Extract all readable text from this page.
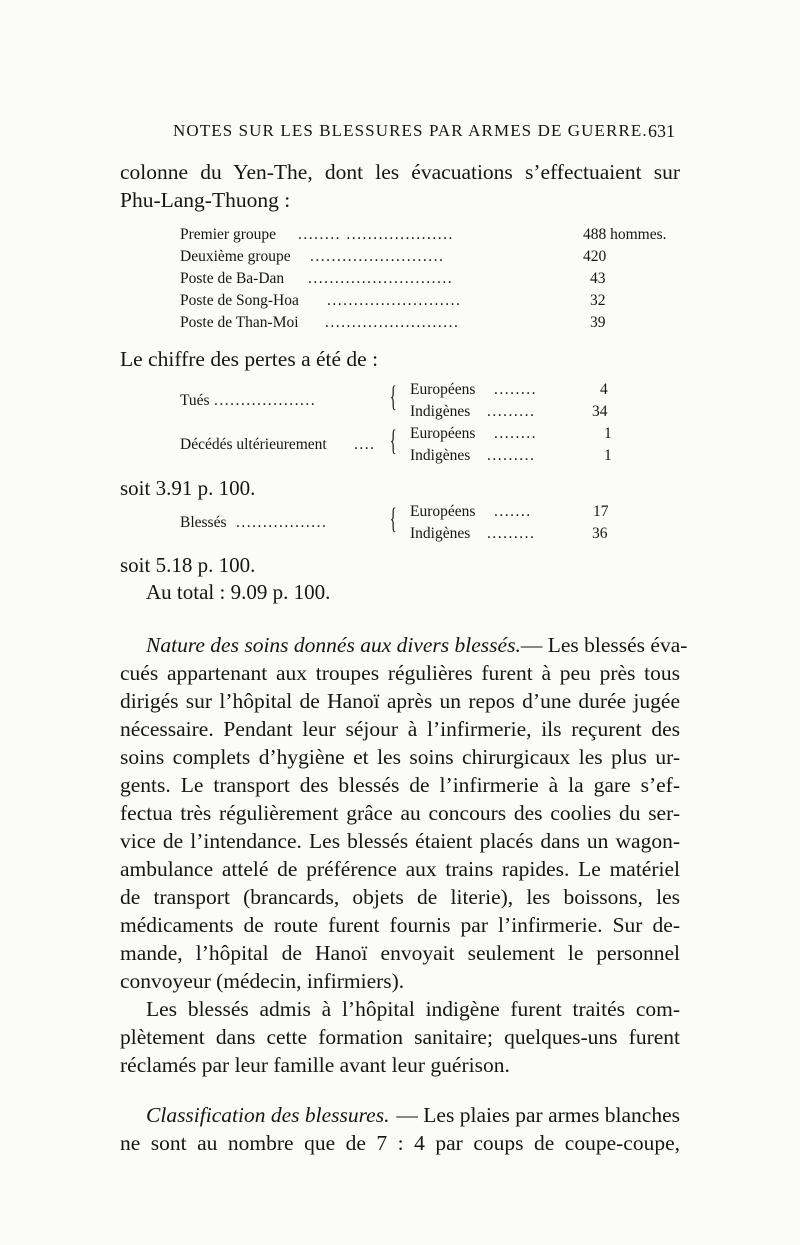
NOTES SUR LES BLESSURES PAR ARMES DE GUERRE. 631
colonne du Yen-The, dont les évacuations s’effectuaient sur
Phu-Lang-Thuong :
Premier groupe ........ ....................	488 hommes.
Deuxième groupe .........................	420
Poste de Ba-Dan ...........................	43
Poste de Song-Hoa .........................	32
Poste de Than-Moi .........................	39
Le chiffre des pertes a été de :
Tués ................... { Européens ........	4
Indigènes .........	34
Décédés ultérieurement .... { Européens ........	1
Indigènes .........	1
soit 3.91 p. 100.
Blessés ................. { Européens .......	17
Indigènes .........	36
soit 5.18 p. 100.
Au total : 9.09 p. 100.
Nature des soins donnés aux divers blessés. — Les blessés éva-
cués appartenant aux troupes régulières furent à peu près tous
dirigés sur l’hôpital de Hanoï après un repos d’une durée jugée
nécessaire. Pendant leur séjour à l’infirmerie, ils reçurent des
soins complets d’hygiène et les soins chirurgicaux les plus ur-
gents. Le transport des blessés de l’infirmerie à la gare s’ef-
fectua très régulièrement grâce au concours des coolies du ser-
vice de l’intendance. Les blessés étaient placés dans un wagon-
ambulance attelé de préférence aux trains rapides. Le matériel
de transport (brancards, objets de literie), les boissons, les
médicaments de route furent fournis par l’infirmerie. Sur de-
mande, l’hôpital de Hanoï envoyait seulement le personnel
convoyeur (médecin, infirmiers).
Les blessés admis à l’hôpital indigène furent traités com-
plètement dans cette formation sanitaire; quelques-uns furent
réclamés par leur famille avant leur guérison.
Classification des blessures. — Les plaies par armes blanches
ne sont au nombre que de 7 : 4 par coups de coupe-coupe,
